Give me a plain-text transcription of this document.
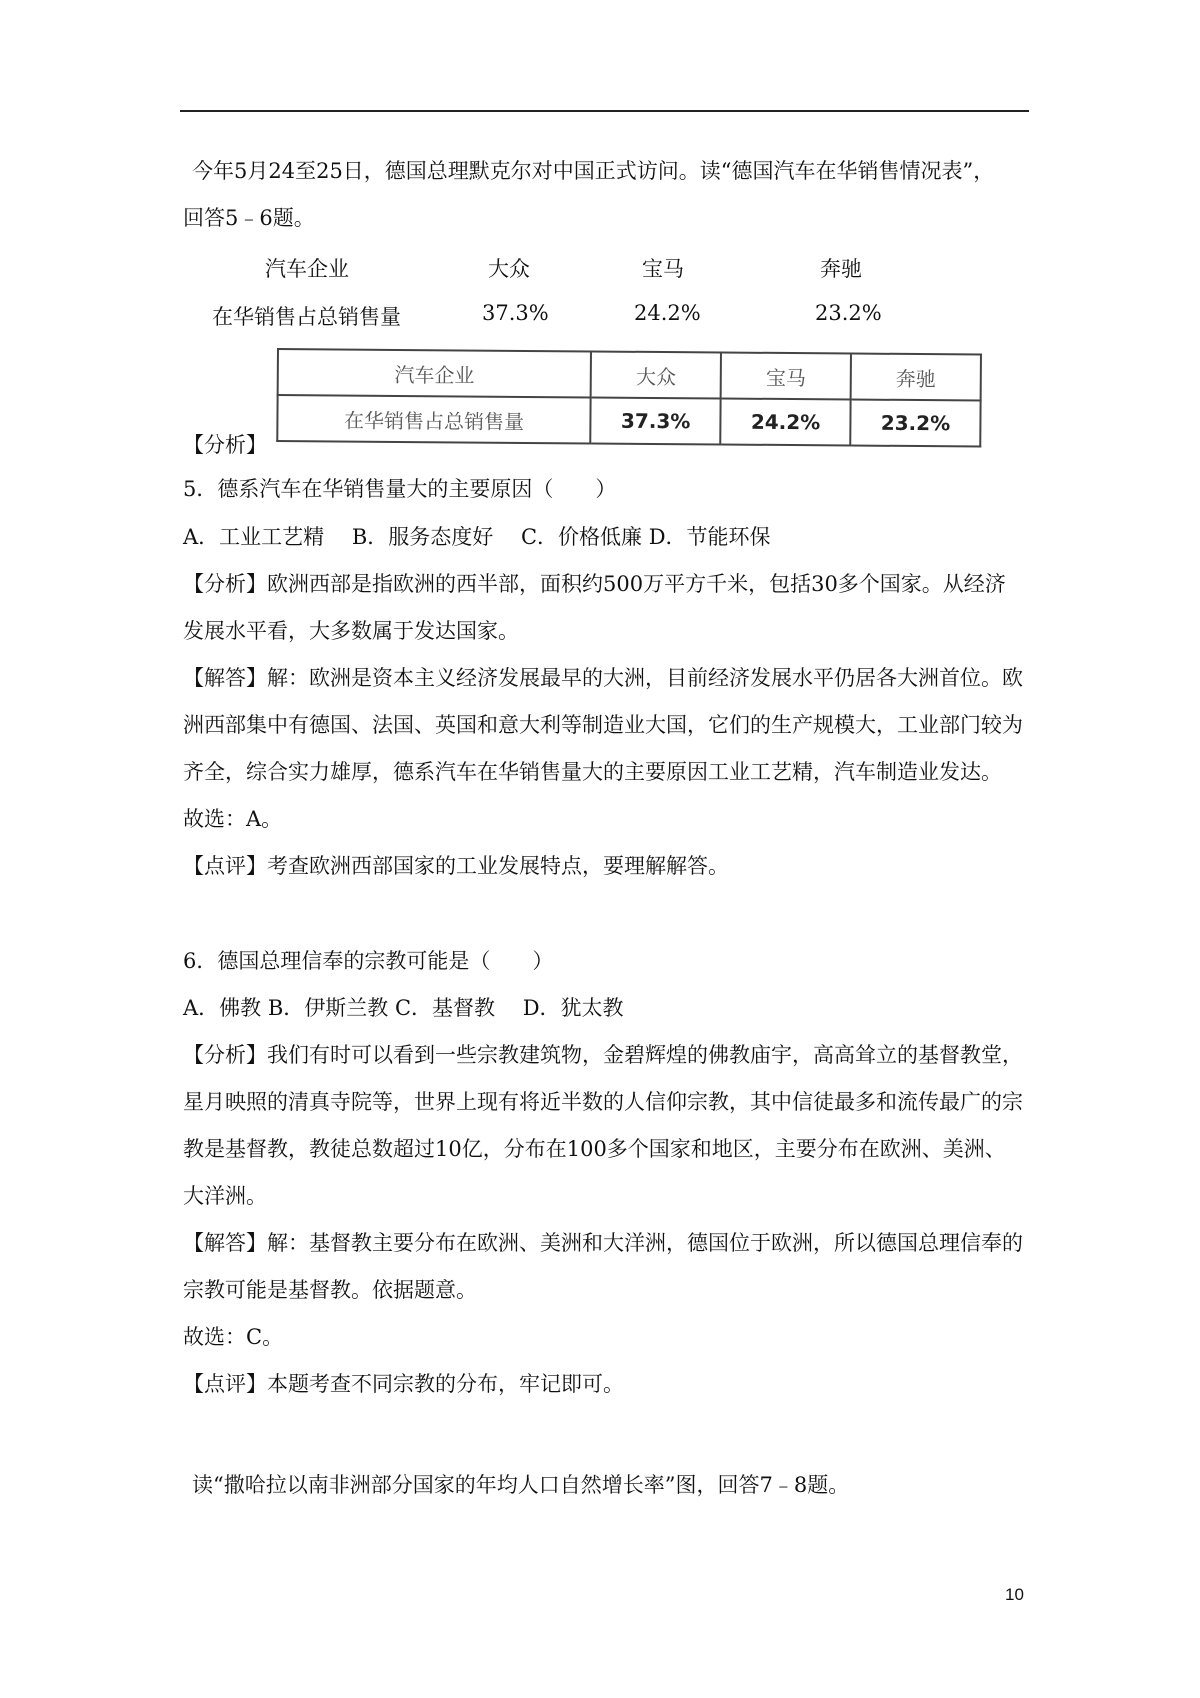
今年5月24至25日，德国总理默克尔对中国正式访问。读“德国汽车在华销售情况表”，
回答5﹣6题。
汽车企业	大众	宝马	奔驰
在华销售占总销售量	37.3%	24.2%	23.2%
汽车企业	大众	宝马	奔驰
在华销售占总销售量	37.3%	24.2%	23.2%
【分析】
5．德系汽车在华销售量大的主要原因（　　）
A．工业工艺精　 B．服务态度好　 C．价格低廉 D．节能环保
【分析】欧洲西部是指欧洲的西半部，面积约500万平方千米，包括30多个国家。从经济
发展水平看，大多数属于发达国家。
【解答】解：欧洲是资本主义经济发展最早的大洲，目前经济发展水平仍居各大洲首位。欧
洲西部集中有德国、法国、英国和意大利等制造业大国，它们的生产规模大，工业部门较为
齐全，综合实力雄厚，德系汽车在华销售量大的主要原因工业工艺精，汽车制造业发达。
故选：A。
【点评】考查欧洲西部国家的工业发展特点，要理解解答。
6．德国总理信奉的宗教可能是（　　）
A．佛教 B．伊斯兰教 C．基督教　 D．犹太教
【分析】我们有时可以看到一些宗教建筑物，金碧辉煌的佛教庙宇，高高耸立的基督教堂，
星月映照的清真寺院等，世界上现有将近半数的人信仰宗教，其中信徒最多和流传最广的宗
教是基督教，教徒总数超过10亿，分布在100多个国家和地区，主要分布在欧洲、美洲、
大洋洲。
【解答】解：基督教主要分布在欧洲、美洲和大洋洲，德国位于欧洲，所以德国总理信奉的
宗教可能是基督教。依据题意。
故选：C。
【点评】本题考查不同宗教的分布，牢记即可。
读“撒哈拉以南非洲部分国家的年均人口自然增长率”图，回答7﹣8题。
10
